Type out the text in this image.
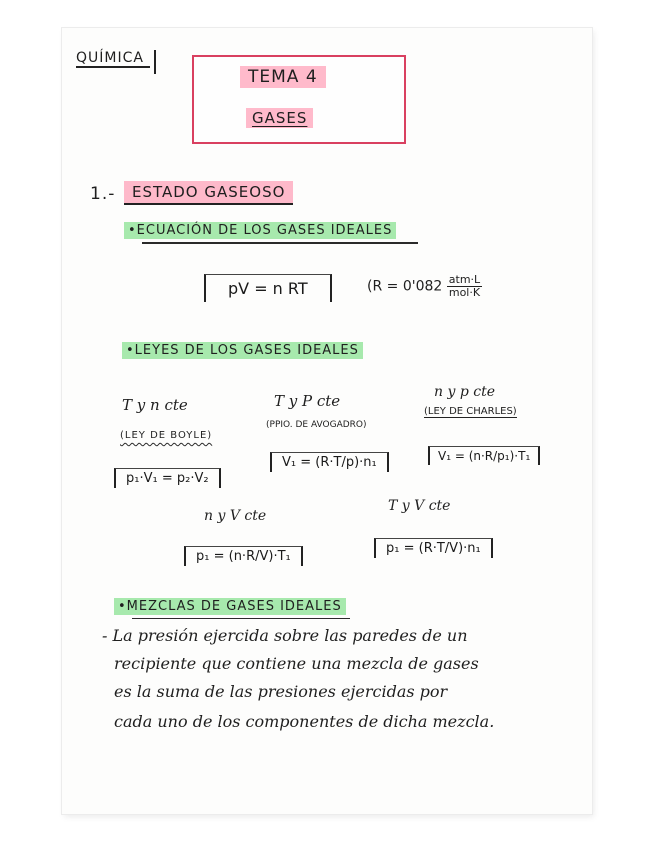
QUÍMICA
TEMA 4
GASES
1.-	ESTADO GASEOSO
•ECUACIÓN DE LOS GASES IDEALES
pV = n RT	($R = 0'082 \frac{\text{atm·L}}{\text{mol·K}}$
•LEYES DE LOS GASES IDEALES
T y n cte
(LEY DE BOYLE)
p₁·V₁ = p₂·V₂
T y P cte
(PPIO. DE AVOGADRO)
V₁ = (R·T/p)·n₁
n y p cte
(LEY DE CHARLES)
V₁ = (n·R/p₁)·T₁
n y V cte
p₁ = (n·R/V)·T₁
T y V cte
p₁ = (R·T/V)·n₁
•MEZCLAS DE GASES IDEALES
- La presión ejercida sobre las paredes de un
recipiente que contiene una mezcla de gases
es la suma de las presiones ejercidas por
cada uno de los componentes de dicha mezcla.
